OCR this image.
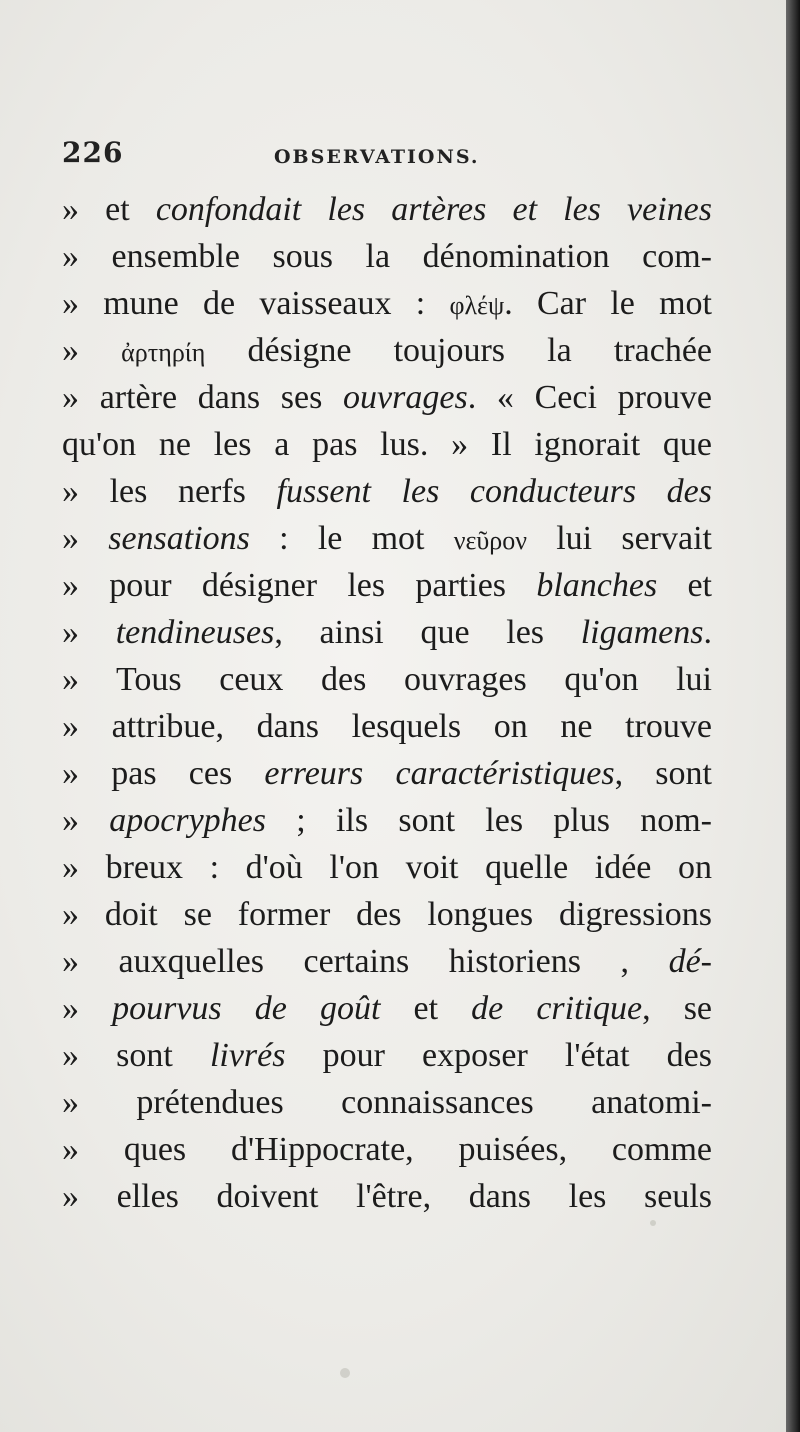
226	OBSERVATIONS.
» et confondait les artères et les veines
» ensemble sous la dénomination com-
» mune de vaisseaux : φλέψ. Car le mot
» ἀρτηρίη désigne toujours la trachée
» artère dans ses ouvrages. « Ceci prouve
qu'on ne les a pas lus. » Il ignorait que
» les nerfs fussent les conducteurs des
» sensations : le mot νεῦρον lui servait
» pour désigner les parties blanches et
» tendineuses, ainsi que les ligamens.
» Tous ceux des ouvrages qu'on lui
» attribue, dans lesquels on ne trouve
» pas ces erreurs caractéristiques, sont
» apocryphes ; ils sont les plus nom-
» breux : d'où l'on voit quelle idée on
» doit se former des longues digressions
» auxquelles certains historiens , dé-
» pourvus de goût et de critique, se
» sont livrés pour exposer l'état des
» prétendues connaissances anatomi-
» ques d'Hippocrate, puisées, comme
» elles doivent l'être, dans les seuls
